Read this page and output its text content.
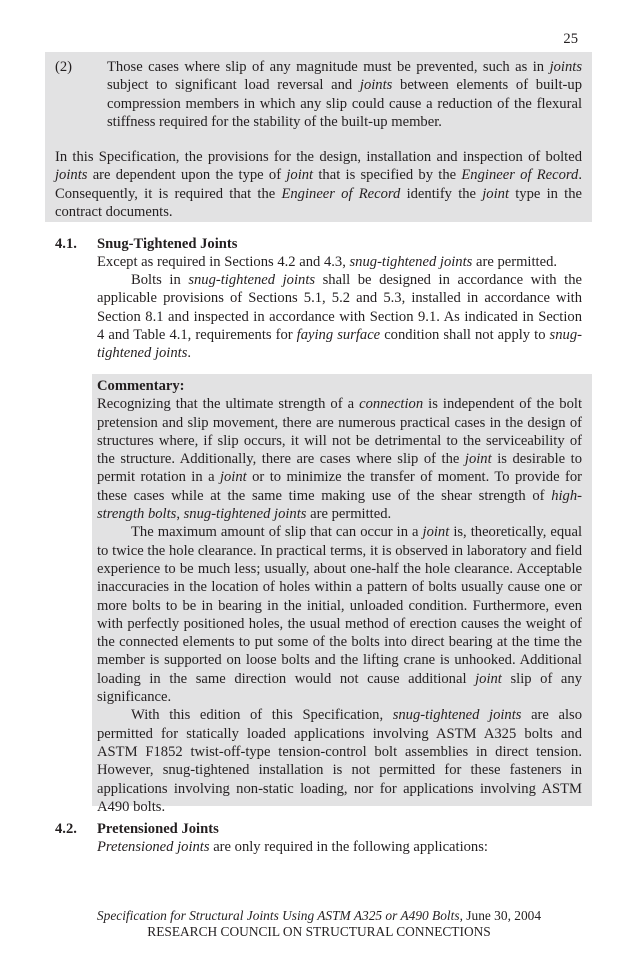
25
(2) Those cases where slip of any magnitude must be prevented, such as in joints subject to significant load reversal and joints between elements of built-up compression members in which any slip could cause a reduction of the flexural stiffness required for the stability of the built-up member.

In this Specification, the provisions for the design, installation and inspection of bolted joints are dependent upon the type of joint that is specified by the Engineer of Record. Consequently, it is required that the Engineer of Record identify the joint type in the contract documents.

4.1. Snug-Tightened Joints

Except as required in Sections 4.2 and 4.3, snug-tightened joints are permitted.

Bolts in snug-tightened joints shall be designed in accordance with the applicable provisions of Sections 5.1, 5.2 and 5.3, installed in accordance with Section 8.1 and inspected in accordance with Section 9.1. As indicated in Section 4 and Table 4.1, requirements for faying surface condition shall not apply to snug-tightened joints.

Commentary:

Recognizing that the ultimate strength of a connection is independent of the bolt pretension and slip movement, there are numerous practical cases in the design of structures where, if slip occurs, it will not be detrimental to the serviceability of the structure. Additionally, there are cases where slip of the joint is desirable to permit rotation in a joint or to minimize the transfer of moment. To provide for these cases while at the same time making use of the shear strength of high-strength bolts, snug-tightened joints are permitted.

The maximum amount of slip that can occur in a joint is, theoretically, equal to twice the hole clearance. In practical terms, it is observed in laboratory and field experience to be much less; usually, about one-half the hole clearance. Acceptable inaccuracies in the location of holes within a pattern of bolts usually cause one or more bolts to be in bearing in the initial, unloaded condition. Furthermore, even with perfectly positioned holes, the usual method of erection causes the weight of the connected elements to put some of the bolts into direct bearing at the time the member is supported on loose bolts and the lifting crane is unhooked. Additional loading in the same direction would not cause additional joint slip of any significance.

With this edition of this Specification, snug-tightened joints are also permitted for statically loaded applications involving ASTM A325 bolts and ASTM F1852 twist-off-type tension-control bolt assemblies in direct tension. However, snug-tightened installation is not permitted for these fasteners in applications involving non-static loading, nor for applications involving ASTM A490 bolts.

4.2. Pretensioned Joints

Pretensioned joints are only required in the following applications:

Specification for Structural Joints Using ASTM A325 or A490 Bolts, June 30, 2004
RESEARCH COUNCIL ON STRUCTURAL CONNECTIONS
